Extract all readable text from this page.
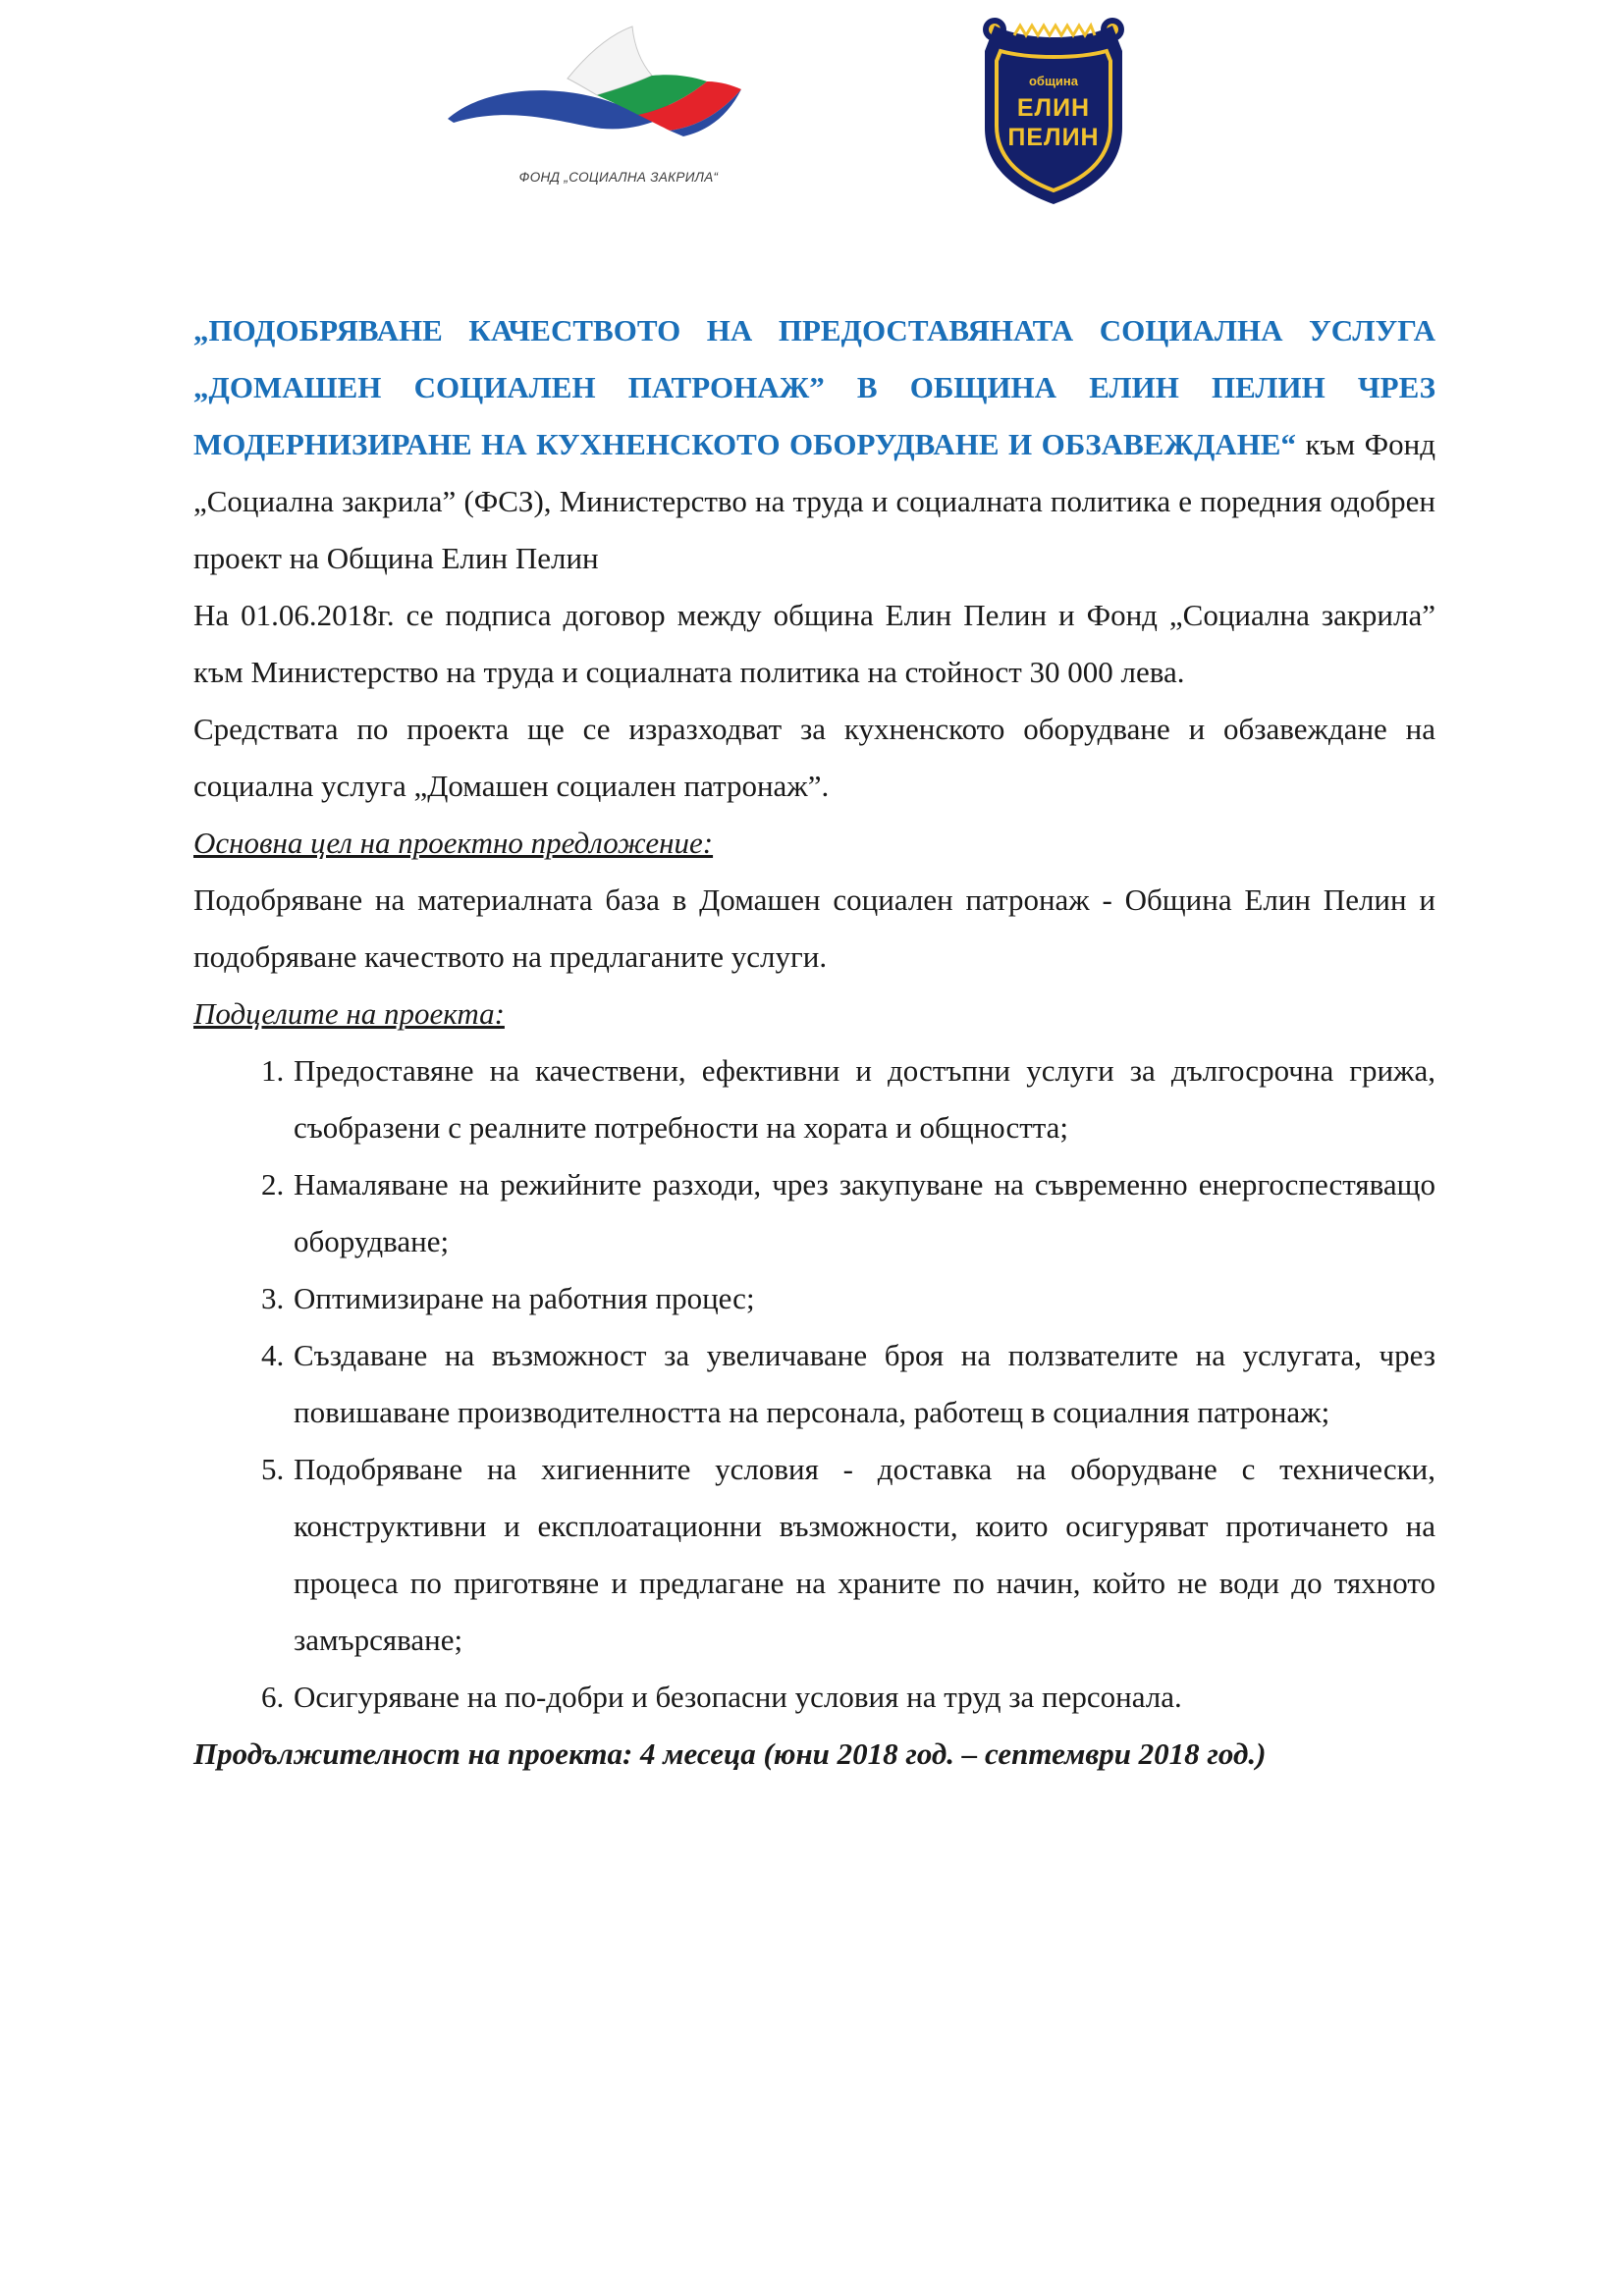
ФОНД „СОЦИАЛНА ЗАКРИЛА“
община
ЕЛИН
ПЕЛИН

„ПОДОБРЯВАНЕ КАЧЕСТВОТО НА ПРЕДОСТАВЯНАТА СОЦИАЛНА УСЛУГА „ДОМАШЕН СОЦИАЛЕН ПАТРОНАЖ” В ОБЩИНА ЕЛИН ПЕЛИН ЧРЕЗ МОДЕРНИЗИРАНЕ НА КУХНЕНСКОТО ОБОРУДВАНЕ И ОБЗАВЕЖДАНЕ“ към Фонд „Социална закрила” (ФСЗ), Министерство на труда и социалната политика е поредния одобрен проект на Община Елин Пелин

На 01.06.2018г. се подписа договор между община Елин Пелин и Фонд „Социална закрила” към Министерство на труда и социалната политика на стойност 30 000 лева.

Средствата по проекта ще се изразходват за кухненското оборудване и обзавеждане на социална услуга „Домашен социален патронаж”.

Основна цел на проектно предложение:

Подобряване на материалната база в Домашен социален патронаж - Община Елин Пелин и подобряване качеството на предлаганите услуги.

Подцелите на проекта:

1. Предоставяне на качествени, ефективни и достъпни услуги за дългосрочна грижа, съобразени с реалните потребности на хората и общността;
2. Намаляване на режийните разходи, чрез закупуване на съвременно енергоспестяващо оборудване;
3. Оптимизиране на работния процес;
4. Създаване на възможност за увеличаване броя на ползвателите на услугата, чрез повишаване производителността на персонала, работещ в социалния патронаж;
5. Подобряване на хигиенните условия - доставка на оборудване с технически, конструктивни и експлоатационни възможности, които осигуряват протичането на процеса по приготвяне и предлагане на храните по начин, който не води до тяхното замърсяване;
6. Осигуряване на по-добри и безопасни условия на труд за персонала.

Продължителност на проекта: 4 месеца (юни 2018 год. – септември 2018 год.)
